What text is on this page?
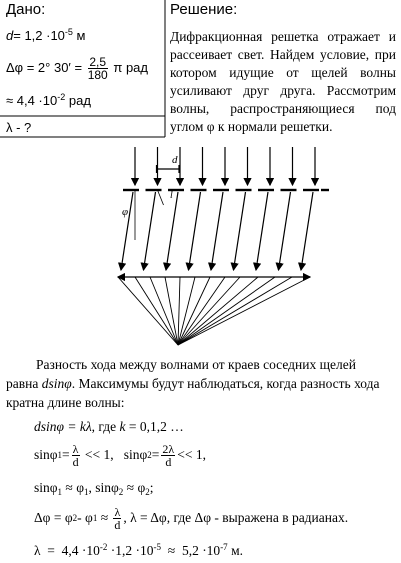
Дано:
$d= 1,2 \cdot 10^{-5}$ м
Δφ = 2° $30' = \frac{2,5}{180}$ π рад
≈ $4,4 \cdot 10^{-2}$ рад
λ - ?
Решение:

Дифракционная решетка отражает и рассеивает свет. Найдем условие, при котором идущие от щелей волны усиливают друг друга. Рассмотрим волны, распространяющиеся под углом φ к нормали решетки.

d
l
φ
Разность хода между волнами от краев соседних щелей
равна dsinφ. Максимумы будут наблюдаться, когда разность хода
кратна длине волны:
dsinφ = kλ, где k = 0,1,2 …
sinφ $1 = \frac{\lambda}{d} << 1$,   sinφ $2 = \frac{2\lambda}{d} << 1$,
$\sin\varphi_1 \approx \varphi_1$, $\sin\varphi_2 \approx \varphi_2$;
Δφ = φ 2 - φ $1 \approx \frac{\lambda}{d}$ , λ = Δφ , где Δφ - выражена в радианах.
$\lambda = 4,4 \cdot 10^{-2} \cdot 1,2 \cdot 10^{-5} \approx 5,2 \cdot 10^{-7}$ м.
